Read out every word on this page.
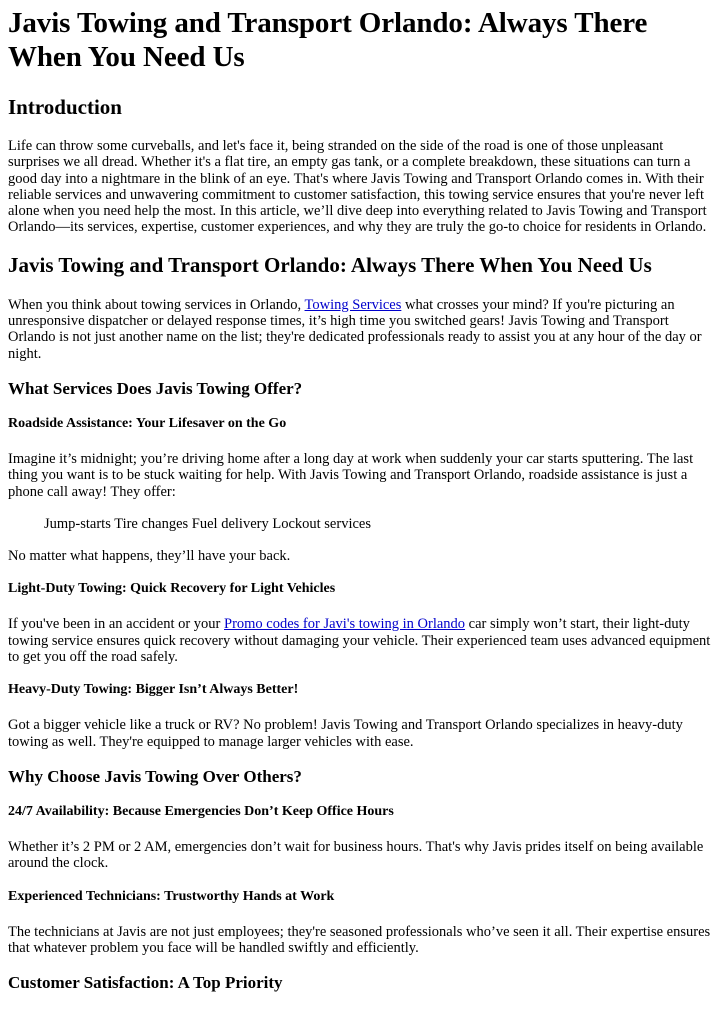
Javis Towing and Transport Orlando: Always There When You Need Us
Introduction

Life can throw some curveballs, and let's face it, being stranded on the side of the road is one of those unpleasant surprises we all dread. Whether it's a flat tire, an empty gas tank, or a complete breakdown, these situations can turn a good day into a nightmare in the blink of an eye. That's where Javis Towing and Transport Orlando comes in. With their reliable services and unwavering commitment to customer satisfaction, this towing service ensures that you're never left alone when you need help the most. In this article, we’ll dive deep into everything related to Javis Towing and Transport Orlando—its services, expertise, customer experiences, and why they are truly the go-to choice for residents in Orlando.

Javis Towing and Transport Orlando: Always There When You Need Us

When you think about towing services in Orlando, Towing Services what crosses your mind? If you're picturing an unresponsive dispatcher or delayed response times, it’s high time you switched gears! Javis Towing and Transport Orlando is not just another name on the list; they're dedicated professionals ready to assist you at any hour of the day or night.

What Services Does Javis Towing Offer?
Roadside Assistance: Your Lifesaver on the Go

Imagine it’s midnight; you’re driving home after a long day at work when suddenly your car starts sputtering. The last thing you want is to be stuck waiting for help. With Javis Towing and Transport Orlando, roadside assistance is just a phone call away! They offer:

Jump-starts Tire changes Fuel delivery Lockout services

No matter what happens, they’ll have your back.

Light-Duty Towing: Quick Recovery for Light Vehicles

If you've been in an accident or your Promo codes for Javi's towing in Orlando car simply won’t start, their light-duty towing service ensures quick recovery without damaging your vehicle. Their experienced team uses advanced equipment to get you off the road safely.

Heavy-Duty Towing: Bigger Isn’t Always Better!

Got a bigger vehicle like a truck or RV? No problem! Javis Towing and Transport Orlando specializes in heavy-duty towing as well. They're equipped to manage larger vehicles with ease.

Why Choose Javis Towing Over Others?
24/7 Availability: Because Emergencies Don’t Keep Office Hours

Whether it’s 2 PM or 2 AM, emergencies don’t wait for business hours. That's why Javis prides itself on being available around the clock.

Experienced Technicians: Trustworthy Hands at Work

The technicians at Javis are not just employees; they're seasoned professionals who’ve seen it all. Their expertise ensures that whatever problem you face will be handled swiftly and efficiently.

Customer Satisfaction: A Top Priority
